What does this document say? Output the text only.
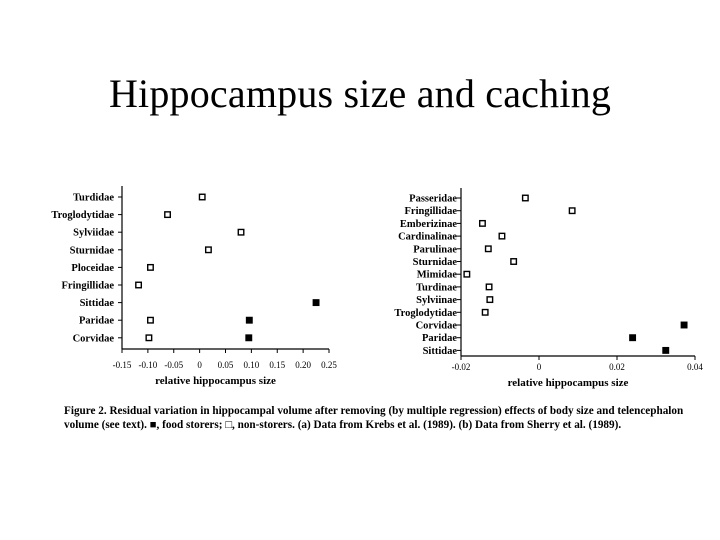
Hippocampus size and caching
-0.15 -0.10 -0.05 0 0.05 0.10 0.15 0.20 0.25
relative hippocampus size
Turdidae
Troglodytidae
Sylviidae
Sturnidae
Ploceidae
Fringillidae
Sittidae
Paridae
Corvidae
-0.02	0	0.02	0.04
relative hippocampus size
Passeridae
Fringillidae
Emberizinae
Cardinalinae
Parulinae
Sturnidae
Mimidae
Turdinae
Sylviinae
Troglodytidae
Corvidae
Paridae
Sittidae
Figure 2. Residual variation in hippocampal volume after removing (by multiple regression) effects of body size and telencephalon volume (see text). ■, food storers; □, non-storers. (a) Data from Krebs et al. (1989). (b) Data from Sherry et al. (1989).
